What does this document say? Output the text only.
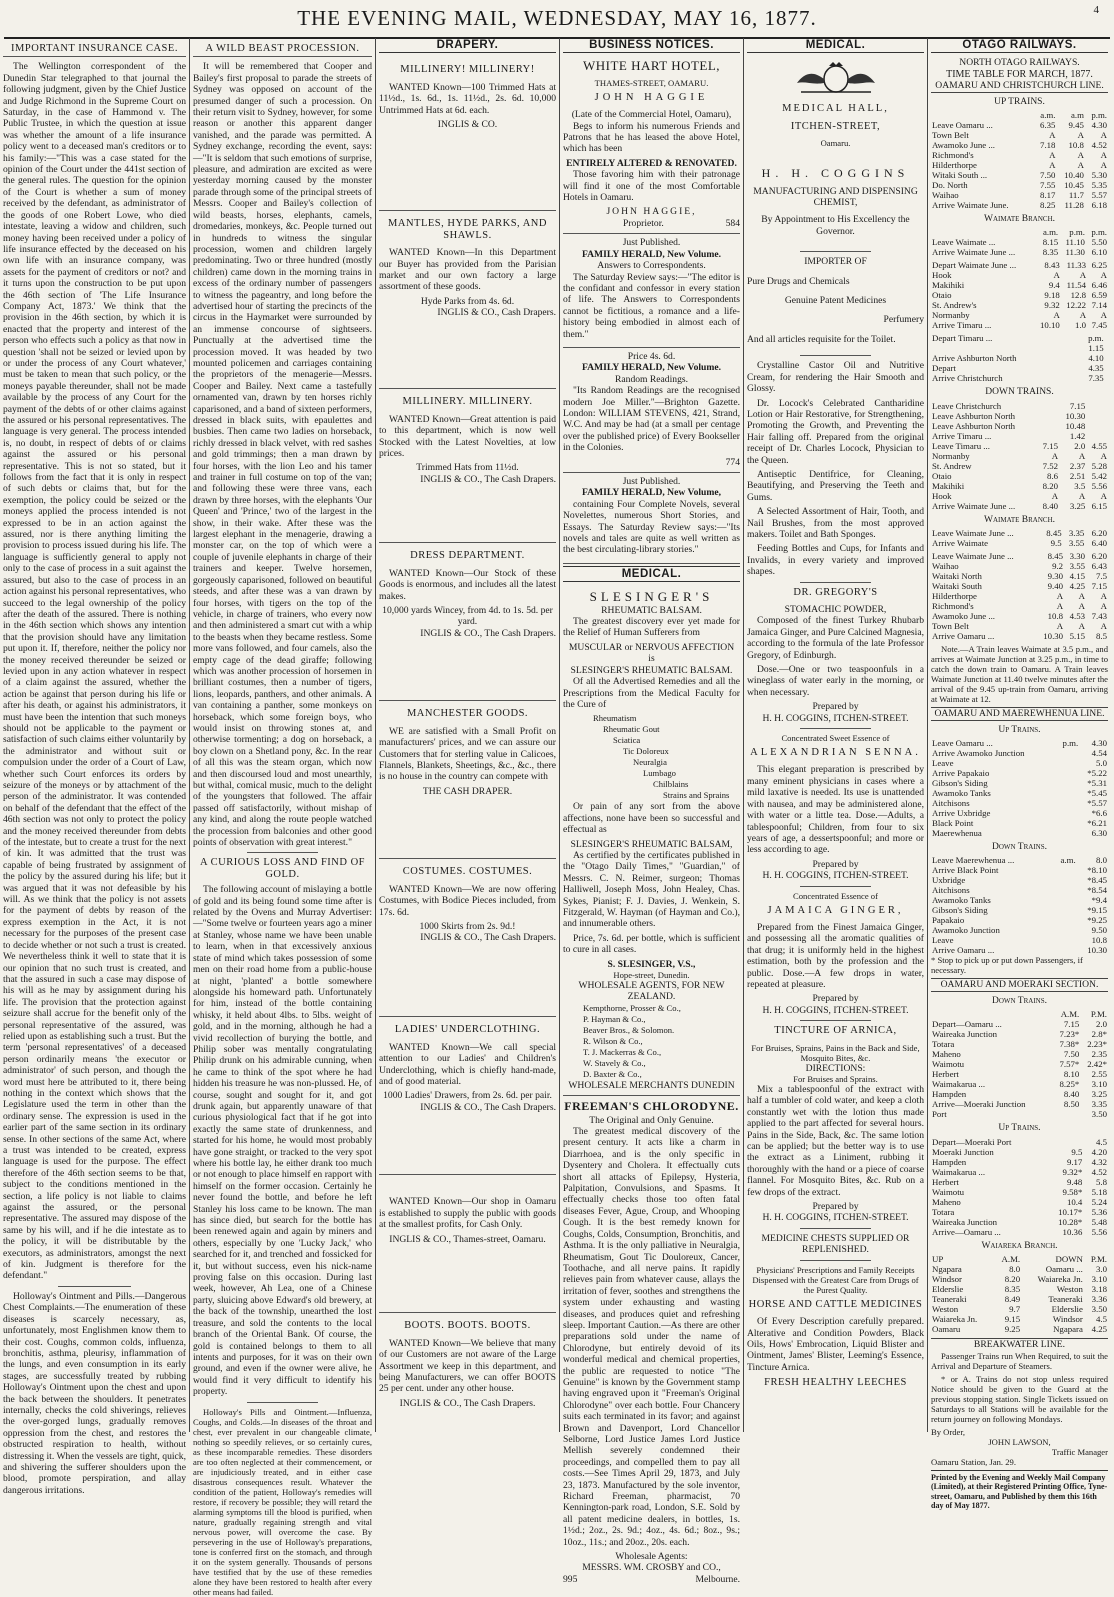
THE EVENING MAIL, WEDNESDAY, MAY 16, 1877.	4
IMPORTANT INSURANCE CASE.

The Wellington correspondent of the Dunedin Star telegraphed to that journal the following judgment, given by the Chief Justice and Judge Richmond in the Supreme Court on Saturday, in the case of Hammond v. The Public Trustee, in which the question at issue was whether the amount of a life insurance policy went to a deceased man's creditors or to his family:—"This was a case stated for the opinion of the Court under the 441st section of the general rules. The question for the opinion of the Court is whether a sum of money received by the defendant, as administrator of the goods of one Robert Lowe, who died intestate, leaving a widow and children, such money having been received under a policy of life insurance effected by the deceased on his own life with an insurance company, was assets for the payment of creditors or not? and it turns upon the construction to be put upon the 46th section of 'The Life Insurance Company Act, 1873.' We think that the provision in the 46th section, by which it is enacted that the property and interest of the person who effects such a policy as that now in question 'shall not be seized or levied upon by or under the process of any Court whatever,' must be taken to mean that such policy, or the moneys payable thereunder, shall not be made available by the process of any Court for the payment of the debts of or other claims against the assured or his personal representatives. The language is very general. The process intended is, no doubt, in respect of debts of or claims against the assured or his personal representative. This is not so stated, but it follows from the fact that it is only in respect of such debts or claims that, but for the exemption, the policy could be seized or the moneys applied the process intended is not expressed to be in an action against the assured, nor is there anything limiting the provision to process issued during his life. The language is sufficiently general to apply not only to the case of process in a suit against the assured, but also to the case of process in an action against his personal representatives, who succeed to the legal ownership of the policy after the death of the assured. There is nothing in the 46th section which shows any intention that the provision should have any limitation put upon it. If, therefore, neither the policy nor the money received thereunder be seized or levied upon in any action whatever in respect of a claim against the assured, whether the action be against that person during his life or after his death, or against his administrators, it must have been the intention that such moneys should not be applicable to the payment or satisfaction of such claims either voluntarily by the administrator and without suit or compulsion under the order of a Court of Law, whether such Court enforces its orders by seizure of the moneys or by attachment of the person of the administrator. It was contended on behalf of the defendant that the effect of the 46th section was not only to protect the policy and the money received thereunder from debts of the intestate, but to create a trust for the next of kin. It was admitted that the trust was capable of being frustrated by assignment of the policy by the assured during his life; but it was argued that it was not defeasible by his will. As we think that the policy is not assets for the payment of debts by reason of the express exemption in the Act, it is not necessary for the purposes of the present case to decide whether or not such a trust is created. We nevertheless think it well to state that it is our opinion that no such trust is created, and that the assured in such a case may dispose of his will as he may by assignment during his life. The provision that the protection against seizure shall accrue for the benefit only of the personal representative of the assured, was relied upon as establishing such a trust. But the term 'personal representatives' of a deceased person ordinarily means 'the executor or administrator' of such person, and though the word must here be attributed to it, there being nothing in the context which shows that the Legislature used the term in other than the ordinary sense. The expression is used in the earlier part of the same section in its ordinary sense. In other sections of the same Act, where a trust was intended to be created, express language is used for the purpose. The effect therefore of the 46th section seems to be that, subject to the conditions mentioned in the section, a life policy is not liable to claims against the assured, or the personal representative. The assured may dispose of the same by his will, and if he die intestate as to the policy, it will be distributable by the executors, as administrators, amongst the next of kin. Judgment is therefore for the defendant."

Holloway's Ointment and Pills.—Dangerous Chest Complaints.—The enumeration of these diseases is scarcely necessary, as, unfortunately, most Englishmen know them to their cost. Coughs, common colds, influenza, bronchitis, asthma, pleurisy, inflammation of the lungs, and even consumption in its early stages, are successfully treated by rubbing Holloway's Ointment upon the chest and upon the back between the shoulders. It penetrates internally, checks the cold shiverings, relieves the over-gorged lungs, gradually removes oppression from the chest, and restores the obstructed respiration to health, without distressing it. When the vessels are tight, quick, and shivering the sufferer shoulders upon the blood, promote perspiration, and allay dangerous irritations.

A WILD BEAST PROCESSION.

It will be remembered that Cooper and Bailey's first proposal to parade the streets of Sydney was opposed on account of the presumed danger of such a procession. On their return visit to Sydney, however, for some reason or another this apparent danger vanished, and the parade was permitted. A Sydney exchange, recording the event, says:—"It is seldom that such emotions of surprise, pleasure, and admiration are excited as were yesterday morning caused by the monster parade through some of the principal streets of Messrs. Cooper and Bailey's collection of wild beasts, horses, elephants, camels, dromedaries, monkeys, &c. People turned out in hundreds to witness the singular procession, women and children largely predominating. Two or three hundred (mostly children) came down in the morning trains in excess of the ordinary number of passengers to witness the pageantry, and long before the advertised hour of starting the precincts of the circus in the Haymarket were surrounded by an immense concourse of sightseers. Punctually at the advertised time the procession moved. It was headed by two mounted policemen and carriages containing the proprietors of the menagerie—Messrs. Cooper and Bailey. Next came a tastefully ornamented van, drawn by ten horses richly caparisoned, and a band of sixteen performers, dressed in black suits, with epaulettes and busbies. Then came two ladies on horseback, richly dressed in black velvet, with red sashes and gold trimmings; then a man drawn by four horses, with the lion Leo and his tamer and trainer in full costume on top of the van; and following these were three vans, each drawn by three horses, with the elephants 'Our Queen' and 'Prince,' two of the largest in the show, in their wake. After these was the largest elephant in the menagerie, drawing a monster car, on the top of which were a couple of juvenile elephants in charge of their trainers and keeper. Twelve horsemen, gorgeously caparisoned, followed on beautiful steeds, and after these was a van drawn by four horses, with tigers on the top of the vehicle, in charge of trainers, who every now and then administered a smart cut with a whip to the beasts when they became restless. Some more vans followed, and four camels, also the empty cage of the dead giraffe; following which was another procession of horsemen in brilliant costumes, then a number of tigers, lions, leopards, panthers, and other animals. A van containing a panther, some monkeys on horseback, which some foreign boys, who would insist on throwing stones at, and otherwise tormenting; a dog on horseback, a boy clown on a Shetland pony, &c. In the rear of all this was the steam organ, which now and then discoursed loud and most unearthly, but withal, comical music, much to the delight of the youngsters that followed. The affair passed off satisfactorily, without mishap of any kind, and along the route people watched the procession from balconies and other good points of observation with great interest."

A CURIOUS LOSS AND FIND OF GOLD.

The following account of mislaying a bottle of gold and its being found some time after is related by the Ovens and Murray Advertiser:—"Some twelve or fourteen years ago a miner at Stanley, whose name we have been unable to learn, when in that excessively anxious state of mind which takes possession of some men on their road home from a public-house at night, 'planted' a bottle somewhere alongside his homeward path. Unfortunately for him, instead of the bottle containing whisky, it held about 4lbs. to 5lbs. weight of gold, and in the morning, although he had a vivid recollection of burying the bottle, and Philip sober was mentally congratulating Philip drunk on his admirable cunning, when he came to think of the spot where he had hidden his treasure he was non-plussed. He, of course, sought and sought for it, and got drunk again, but apparently unaware of that curious physiological fact that if he got into exactly the same state of drunkenness, and started for his home, he would most probably have gone straight, or tracked to the very spot where his bottle lay, he either drank too much or not enough to place himself en rapport with himself on the former occasion. Certainly he never found the bottle, and before he left Stanley his loss came to be known. The man has since died, but search for the bottle has been renewed again and again by miners and others, especially by one 'Lucky Jack,' who searched for it, and trenched and fossicked for it, but without success, even his nick-name proving false on this occasion. During last week, however, Ah Lea, one of a Chinese party, sluicing above Edward's old brewery, at the back of the township, unearthed the lost treasure, and sold the contents to the local branch of the Oriental Bank. Of course, the gold is contained belongs to them to all intents and purposes, for it was on their own ground, and even if the owner were alive, he would find it very difficult to identify his property.

Holloway's Pills and Ointment.—Influenza, Coughs, and Colds.—In diseases of the throat and chest, ever prevalent in our changeable climate, nothing so speedily relieves, or so certainly cures, as these incomparable remedies. These disorders are too often neglected at their commencement, or are injudiciously treated, and in either case disastrous consequences result. Whatever the condition of the patient, Holloway's remedies will restore, if recovery be possible; they will retard the alarming symptoms till the blood is purified, when nature, gradually regaining strength and vital nervous power, will overcome the case. By persevering in the use of Holloway's preparations, tone is conferred first on the stomach, and through it on the system generally. Thousands of persons have testified that by the use of these remedies alone they have been restored to health after every other means had failed.

DRAPERY.
MILLINERY! MILLINERY!

WANTED Known—100 Trimmed Hats at 11½d., 1s. 6d., 1s. 11½d., 2s. 6d. 10,000 Untrimmed Hats at 6d. each.

INGLIS & CO.
MANTLES, HYDE PARKS, AND SHAWLS.

WANTED Known—In this Department our Buyer has provided from the Parisian market and our own factory a large assortment of these goods.

Hyde Parks from 4s. 6d.
INGLIS & CO., Cash Drapers.
MILLINERY. MILLINERY.

WANTED Known—Great attention is paid to this department, which is now well Stocked with the Latest Novelties, at low prices.

Trimmed Hats from 11½d.
INGLIS & CO., The Cash Drapers.
DRESS DEPARTMENT.

WANTED Known—Our Stock of these Goods is enormous, and includes all the latest makes.

10,000 yards Wincey, from 4d. to 1s. 5d. per yard.
INGLIS & CO., The Cash Drapers.
MANCHESTER GOODS.

WE are satisfied with a Small Profit on manufacturers' prices, and we can assure our Customers that for sterling value in Calicoes, Flannels, Blankets, Sheetings, &c., &c., there is no house in the country can compete with

THE CASH DRAPER.
COSTUMES. COSTUMES.

WANTED Known—We are now offering Costumes, with Bodice Pieces included, from 17s. 6d.

1000 Skirts from 2s. 9d.!
INGLIS & CO., The Cash Drapers.
LADIES' UNDERCLOTHING.

WANTED Known—We call special attention to our Ladies' and Children's Underclothing, which is chiefly hand-made, and of good material.

1000 Ladies' Drawers, from 2s. 6d. per pair.
INGLIS & CO., The Cash Drapers.

WANTED Known—Our shop in Oamaru is established to supply the public with goods at the smallest profits, for Cash Only.

INGLIS & CO., Thames-street, Oamaru.
BOOTS. BOOTS. BOOTS.

WANTED Known—We believe that many of our Customers are not aware of the Large Assortment we keep in this department, and being Manufacturers, we can offer BOOTS 25 per cent. under any other house.

INGLIS & CO., The Cash Drapers.
BUSINESS NOTICES.
WHITE HART HOTEL,
THAMES-STREET, OAMARU.
JOHN HAGGIE
(Late of the Commercial Hotel, Oamaru),

Begs to inform his numerous Friends and Patrons that he has leased the above Hotel, which has been

ENTIRELY ALTERED & RENOVATED.

Those favoring him with their patronage will find it one of the most Comfortable Hotels in Oamaru.

JOHN HAGGIE,
Proprietor.	584
Just Published.
FAMILY HERALD, New Volume.
Answers to Correspondents.

The Saturday Review says:—"The editor is the confidant and confessor in every station of life. The Answers to Correspondents cannot be fictitious, a romance and a life-history being embodied in almost each of them."

Price 4s. 6d.
FAMILY HERALD, New Volume.
Random Readings.

"Its Random Readings are the recognised modern Joe Miller."—Brighton Gazette. London: WILLIAM STEVENS, 421, Strand, W.C. And may be had (at a small per centage over the published price) of Every Bookseller in the Colonies.

774
Just Published.
FAMILY HERALD, New Volume,

containing Four Complete Novels, several Novelettes, numerous Short Stories, and Essays. The Saturday Review says:—"Its novels and tales are quite as well written as the best circulating-library stories."

MEDICAL.
SLESINGER'S
RHEUMATIC BALSAM.

The greatest discovery ever yet made for the Relief of Human Sufferers from

MUSCULAR or NERVOUS AFFECTION
is
SLESINGER'S RHEUMATIC BALSAM.

Of all the Advertised Remedies and all the Prescriptions from the Medical Faculty for the Cure of

Rheumatism
Rheumatic Gout
Sciatica
Tic Doloreux
Neuralgia
Lumbago
Chilblains
Strains and Sprains

Or pain of any sort from the above affections, none have been so successful and effectual as

SLESINGER'S RHEUMATIC BALSAM,

As certified by the certificates published in the "Otago Daily Times," "Guardian," of Messrs. C. N. Reimer, surgeon; Thomas Halliwell, Joseph Moss, John Healey, Chas. Sykes, Pianist; F. J. Davies, J. Wenkein, S. Fitzgerald, W. Hayman (of Hayman and Co.), and innumerable others.

Price, 7s. 6d. per bottle, which is sufficient to cure in all cases.

S. SLESINGER, V.S.,
Hope-street, Dunedin.
WHOLESALE AGENTS, FOR NEW ZEALAND.
Kempthorne, Prosser & Co.,
P. Hayman & Co.,
Beaver Bros., & Solomon.
R. Wilson & Co.,
T. J. Mackerras & Co.,
W. Stavely & Co.,
D. Baxter & Co.,
WHOLESALE MERCHANTS DUNEDIN
FREEMAN'S CHLORODYNE.
The Original and Only Genuine.

The greatest medical discovery of the present century. It acts like a charm in Diarrhoea, and is the only specific in Dysentery and Cholera. It effectually cuts short all attacks of Epilepsy, Hysteria, Palpitation, Convulsions, and Spasms. It effectually checks those too often fatal diseases Fever, Ague, Croup, and Whooping Cough. It is the best remedy known for Coughs, Colds, Consumption, Bronchitis, and Asthma. It is the only palliative in Neuralgia, Rheumatism, Gout Tic Douloreux, Cancer, Toothache, and all nerve pains. It rapidly relieves pain from whatever cause, allays the irritation of fever, soothes and strengthens the system under exhausting and wasting diseases, and produces quiet and refreshing sleep. Important Caution.—As there are other preparations sold under the name of Chlorodyne, but entirely devoid of its wonderful medical and chemical properties, the public are requested to notice "The Genuine" is known by the Government stamp having engraved upon it "Freeman's Original Chlorodyne" over each bottle. Four Chancery suits each terminated in its favor; and against Brown and Davenport, Lord Chancellor Selborne, Lord Justice James Lord Justice Mellish severely condemned their proceedings, and compelled them to pay all costs.—See Times April 29, 1873, and July 23, 1873. Manufactured by the sole inventor, Richard Freeman, pharmacist, 70 Kennington-park road, London, S.E. Sold by all patent medicine dealers, in bottles, 1s. 1½d.; 2oz., 2s. 9d.; 4oz., 4s. 6d.; 8oz., 9s.; 10oz., 11s.; and 20oz., 20s. each.

Wholesale Agents:
MESSRS. WM. CROSBY and CO.,
995	Melbourne.
MEDICAL.
MEDICAL HALL,
ITCHEN-STREET,
Oamaru.
H. H. COGGINS
MANUFACTURING AND DISPENSING CHEMIST,
By Appointment to His Excellency the Governor.
IMPORTER OF
Pure Drugs and Chemicals
Genuine Patent Medicines
Perfumery
And all articles requisite for the Toilet.

Crystalline Castor Oil and Nutritive Cream, for rendering the Hair Smooth and Glossy.

Dr. Locock's Celebrated Cantharidine Lotion or Hair Restorative, for Strengthening, Promoting the Growth, and Preventing the Hair falling off. Prepared from the original receipt of Dr. Charles Locock, Physician to the Queen.

Antiseptic Dentifrice, for Cleaning, Beautifying, and Preserving the Teeth and Gums.

A Selected Assortment of Hair, Tooth, and Nail Brushes, from the most approved makers. Toilet and Bath Sponges.

Feeding Bottles and Cups, for Infants and Invalids, in every variety and improved shapes.

DR. GREGORY'S
STOMACHIC POWDER,

Composed of the finest Turkey Rhubarb Jamaica Ginger, and Pure Calcined Magnesia, according to the formula of the late Professor Gregory, of Edinburgh.

Dose.—One or two teaspoonfuls in a wineglass of water early in the morning, or when necessary.

Prepared by
H. H. COGGINS, ITCHEN-STREET.
Concentrated Sweet Essence of
ALEXANDRIAN SENNA.

This elegant preparation is prescribed by many eminent physicians in cases where a mild laxative is needed. Its use is unattended with nausea, and may be administered alone, with water or a little tea. Dose.—Adults, a tablespoonful; Children, from four to six years of age, a dessertspoonful; and more or less according to age.

Prepared by
H. H. COGGINS, ITCHEN-STREET.
Concentrated Essence of
JAMAICA GINGER,

Prepared from the Finest Jamaica Ginger, and possessing all the aromatic qualities of that drug; it is uniformly held in the highest estimation, both by the profession and the public. Dose.—A few drops in water, repeated at pleasure.

Prepared by
H. H. COGGINS, ITCHEN-STREET.
TINCTURE OF ARNICA,
For Bruises, Sprains, Pains in the Back and Side, Mosquito Bites, &c.
DIRECTIONS:
For Bruises and Sprains.

Mix a tablespoonful of the extract with half a tumbler of cold water, and keep a cloth constantly wet with the lotion thus made applied to the part affected for several hours. Pains in the Side, Back, &c. The same lotion can be applied; but the better way is to use the extract as a Liniment, rubbing it thoroughly with the hand or a piece of coarse flannel. For Mosquito Bites, &c. Rub on a few drops of the extract.

Prepared by
H. H. COGGINS, ITCHEN-STREET.
MEDICINE CHESTS SUPPLIED OR REPLENISHED.
Physicians' Prescriptions and Family Receipts Dispensed with the Greatest Care from Drugs of the Purest Quality.
HORSE AND CATTLE MEDICINES

Of Every Description carefully prepared. Alterative and Condition Powders, Black Oils, Hows' Embrocation, Liquid Blister and Ointment, James' Blister, Leeming's Essence, Tincture Arnica.

FRESH HEALTHY LEECHES
OTAGO RAILWAYS.
NORTH OTAGO RAILWAYS.
TIME TABLE FOR MARCH, 1877.
OAMARU AND CHRISTCHURCH LINE.
UP TRAINS.
	a.m.	a.m	p.m.
Leave Oamaru ...	6.35	9.45	4.30
Town Belt	A	A	A
Awamoko June ...	7.18	10.8	4.52
Richmond's	A	A	A
Hilderthorpe	A	A	A
Witaki South ...	7.50	10.40	5.30
Do. North	7.55	10.45	5.35
Waihao	8.17	11.7	5.57
Arrive Waimate June.	8.25	11.28	6.18
Waimate Branch.
	a.m.	p.m.	p.m.
Leave Waimate ...	8.15	11.10	5.50
Arrive Waimate June ...	8.35	11.30	6.10
Depart Waimate June ...	8.43	11.33	6.25
Hook	A	A	A
Makihiki	9.4	11.54	6.46
Otaio	9.18	12.8	6.59
St. Andrew's	9.32	12.22	7.14
Normanby	A	A	A
Arrive Timaru ...	10.10	1.0	7.45
Depart Timaru ...		p.m.	
		1.15	
Arrive Ashburton North		4.10	
Depart		4.35	
Arrive Christchurch		7.35	
DOWN TRAINS.
Leave Christchurch		7.15	
Leave Ashburton North		10.30	
Leave Ashburton North		10.48	
Arrive Timaru ...		1.42	
Leave Timaru ...	7.15	2.0	4.55
Normanby	A	A	A
St. Andrew	7.52	2.37	5.28
Otaio	8.6	2.51	5.42
Makihiki	8.20	3.5	5.56
Hook	A	A	A
Arrive Waimate June ...	8.40	3.25	6.15
Waimate Branch.
Leave Waimate June ...	8.45	3.35	6.20
Arrive Waimate	9.5	3.55	6.40
Leave Waimate June ...	8.45	3.30	6.20
Waihao	9.2	3.55	6.43
Waitaki North	9.30	4.15	7.5
Waitaki South	9.40	4.25	7.15
Hilderthorpe	A	A	A
Richmond's	A	A	A
Awamoko June ...	10.8	4.53	7.43
Town Belt	A	A	A
Arrive Oamaru ...	10.30	5.15	8.5

Note.—A Train leaves Waimate at 3.5 p.m., and arrives at Waimate Junction at 3.25 p.m., in time to catch the down train to Oamaru. A Train leaves Waimate Junction at 11.40 twelve minutes after the arrival of the 9.45 up-train from Oamaru, arriving at Waimate at 12.

OAMARU AND MAEREWHENUA LINE.
Up Trains.
Leave Oamaru ...	p.m.	4.30
Arrive Awamoko Junction		4.54
Leave		5.0
Arrive Papakaio		*5.22
Gibson's Siding		*5.31
Awamoko Tanks		*5.45
Aitchisons		*5.57
Arrive Uxbridge		*6.6
Black Point		*6.21
Maerewhenua		6.30
Down Trains.
Leave Maerewhenua ...	a.m.	8.0
Arrive Black Point		*8.10
Uxbridge		*8.45
Aitchisons		*8.54
Awamoko Tanks		*9.4
Gibson's Siding		*9.15
Papakaio		*9.25
Awamoko Junction		9.50
Leave		10.8
Arrive Oamaru ...		10.30
* Stop to pick up or put down Passengers, if necessary.
OAMARU AND MOERAKI SECTION.
Down Trains.
	A.M.	P.M.
Depart—Oamaru ...	7.15	2.0
Waireaka Junction	7.23*	2.8*
Totara	7.38*	2.23*
Maheno	7.50	2.35
Waimotu	7.57*	2.42*
Herbert	8.10	2.55
Waimakarua ...	8.25*	3.10
Hampden	8.40	3.25
Arrive—Moeraki Junction	8.50	3.35
Port		3.50
Up Trains.
Depart—Moeraki Port		4.5
Moeraki Junction	9.5	4.20
Hampden	9.17	4.32
Waimakarua ...	9.32*	4.52
Herbert	9.48	5.8
Waimotu	9.58*	5.18
Maheno	10.4	5.24
Totara	10.17*	5.36
Waireaka Junction	10.28*	5.48
Arrive—Oamaru ...	10.36	5.56
Waiareka Branch.
UP	A.M.	DOWN	P.M.
Ngapara	8.0	Oamaru ...	3.0
Windsor	8.20	Waiareka Jn.	3.10
Elderslie	8.35	Weston	3.18
Teaneraki	8.49	Teaneraki	3.36
Weston	9.7	Elderslie	3.50
Waiareka Jn.	9.15	Windsor	4.5
Oamaru	9.25	Ngapara	4.25
BREAKWATER LINE.

Passenger Trains run When Required, to suit the Arrival and Departure of Steamers.

* or A. Trains do not stop unless required Notice should be given to the Guard at the previous stopping station. Single Tickets issued on Saturdays to all Stations will be available for the return journey on following Mondays.

By Order,
JOHN LAWSON,
Traffic Manager
Oamaru Station, Jan. 29.
Printed by the Evening and Weekly Mail Company (Limited), at their Registered Printing Office, Tyne-street, Oamaru, and Published by them this 16th day of May 1877.
